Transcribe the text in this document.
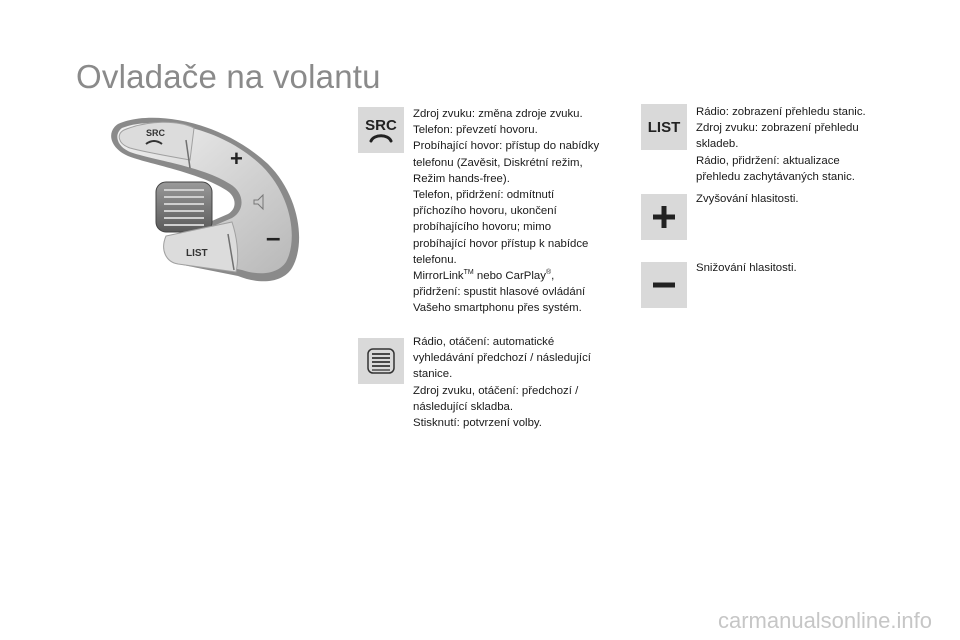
Ovladače na volantu
SRC
+
LIST
–
SRC
Zdroj zvuku: změna zdroje zvuku.
Telefon: převzetí hovoru.
Probíhající hovor: přístup do nabídky
telefonu (Zavěsit, Diskrétní režim,
Režim hands-free).
Telefon, přidržení: odmítnutí
příchozího hovoru, ukončení
probíhajícího hovoru; mimo
probíhající hovor přístup k nabídce
telefonu.
MirrorLink™ nebo CarPlay®,
přidržení: spustit hlasové ovládání
Vašeho smartphonu přes systém.
Rádio, otáčení: automatické
vyhledávání předchozí / následující
stanice.
Zdroj zvuku, otáčení: předchozí /
následující skladba.
Stisknutí: potvrzení volby.
LIST
Rádio: zobrazení přehledu stanic.
Zdroj zvuku: zobrazení přehledu
skladeb.
Rádio, přidržení: aktualizace
přehledu zachytávaných stanic.
Zvyšování hlasitosti.
Snižování hlasitosti.
carmanualsonline.info
